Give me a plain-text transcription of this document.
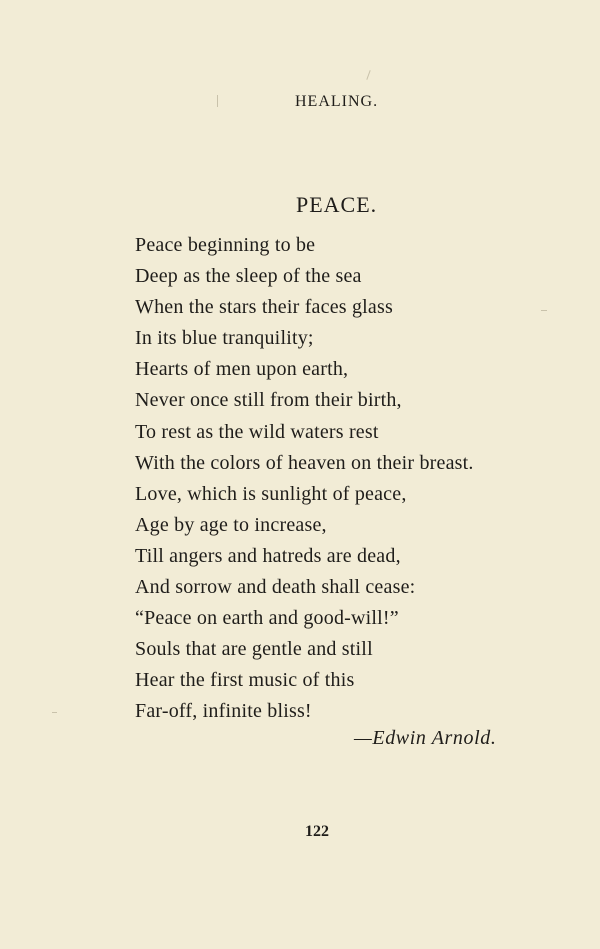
HEALING.
PEACE.
Peace beginning to be
Deep as the sleep of the sea
When the stars their faces glass
In its blue tranquility;
Hearts of men upon earth,
Never once still from their birth,
To rest as the wild waters rest
With the colors of heaven on their breast.
Love, which is sunlight of peace,
Age by age to increase,
Till angers and hatreds are dead,
And sorrow and death shall cease:
“Peace on earth and good-will!”
Souls that are gentle and still
Hear the first music of this
Far-off, infinite bliss!
—Edwin Arnold.
122
